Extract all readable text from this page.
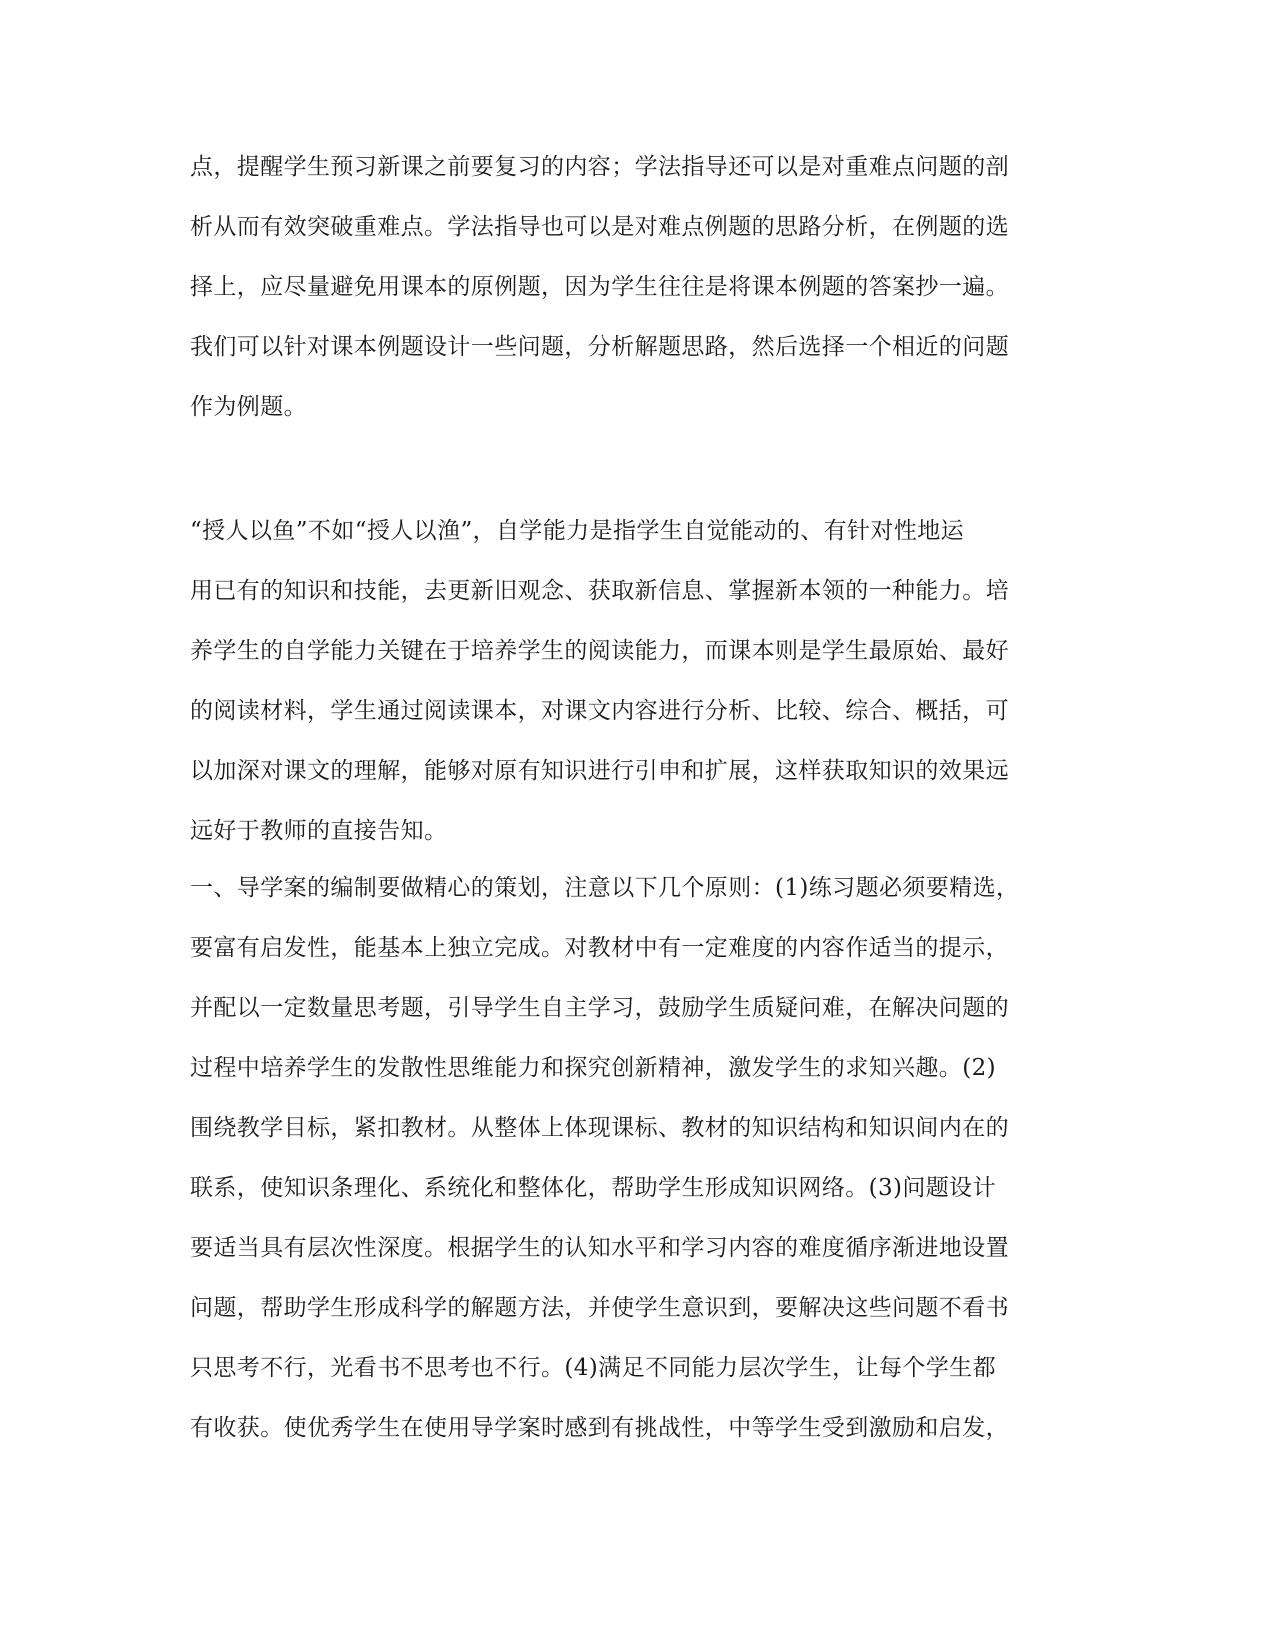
点，提醒学生预习新课之前要复习的内容；学法指导还可以是对重难点问题的剖
析从而有效突破重难点。学法指导也可以是对难点例题的思路分析，在例题的选
择上，应尽量避免用课本的原例题，因为学生往往是将课本例题的答案抄一遍。
我们可以针对课本例题设计一些问题，分析解题思路，然后选择一个相近的问题
作为例题。
“授人以鱼”不如“授人以渔”，自学能力是指学生自觉能动的、有针对性地运
用已有的知识和技能，去更新旧观念、获取新信息、掌握新本领的一种能力。培
养学生的自学能力关键在于培养学生的阅读能力，而课本则是学生最原始、最好
的阅读材料，学生通过阅读课本，对课文内容进行分析、比较、综合、概括，可
以加深对课文的理解，能够对原有知识进行引申和扩展，这样获取知识的效果远
远好于教师的直接告知。
一、导学案的编制要做精心的策划，注意以下几个原则：(1)练习题必须要精选，
要富有启发性，能基本上独立完成。对教材中有一定难度的内容作适当的提示，
并配以一定数量思考题，引导学生自主学习，鼓励学生质疑问难，在解决问题的
过程中培养学生的发散性思维能力和探究创新精神，激发学生的求知兴趣。(2)
围绕教学目标，紧扣教材。从整体上体现课标、教材的知识结构和知识间内在的
联系，使知识条理化、系统化和整体化，帮助学生形成知识网络。(3)问题设计
要适当具有层次性深度。根据学生的认知水平和学习内容的难度循序渐进地设置
问题，帮助学生形成科学的解题方法，并使学生意识到，要解决这些问题不看书
只思考不行，光看书不思考也不行。(4)满足不同能力层次学生，让每个学生都
有收获。使优秀学生在使用导学案时感到有挑战性，中等学生受到激励和启发，
